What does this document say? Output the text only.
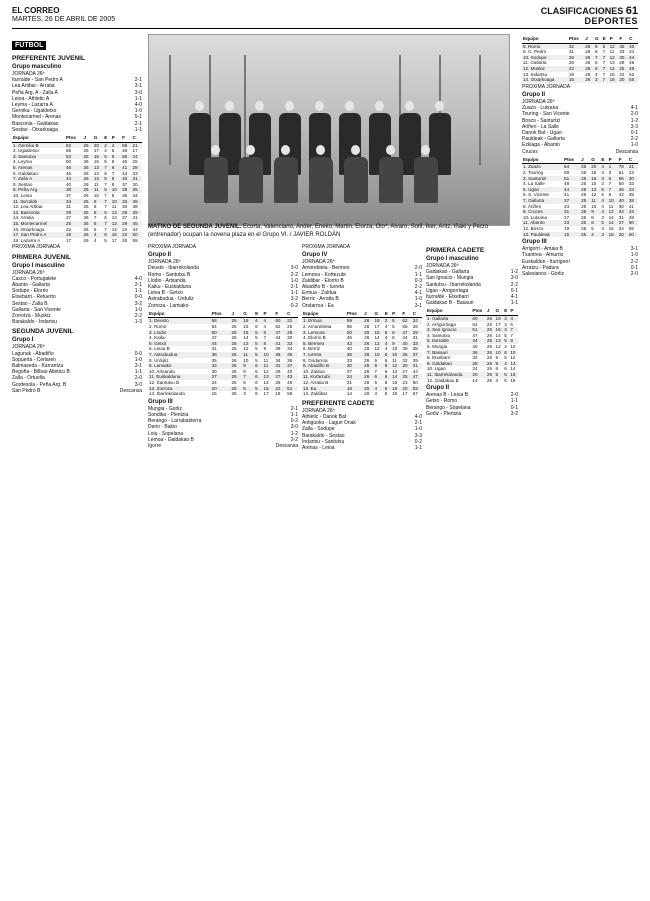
EL CORREO
MARTES, 26 DE ABRIL DE 2005
CLASIFICACIONES 61
DEPORTES
FÚTBOL
PREFERENTE JUVENIL
Grupo masculino
JORNADA 26ª
Iturralde - San Pedro A	2-1
Lea Artibai - Arratia	3-1
Peña Arg. A - Zalla A	3-0
Leioa - Athletic A	1-1
Leyma - Lazarra A	4-0
Gernika - Ugaldetxo	1-0
Montecarmel - Arenas	5-1
Basconia - Galdakao	2-1
Sestao - Otxarkoaga	1-1
Equipo	Ptos	J	G	E	P	F	C
1. Gernika B	62	26	20	2	4	69	21
2. Ugaldetxo	55	26	17	4	5	48	17
3. Santutxu	53	26	16	5	5	56	24
4. Leyma	50	26	15	5	6	46	25
5. Arenas	46	26	13	7	6	41	28
6. Galdakao	45	26	13	6	7	44	33
7. Zalla A	44	26	13	5	8	40	31
8. Sestao	40	26	11	7	8	37	30
9. Peña Arg.	38	26	11	5	10	39	35
10. Leioa	37	26	10	7	9	36	34
11. Iturralde	34	26	9	7	10	33	36
12. Lea Artibai	31	26	8	7	11	30	38
13. Basconia	29	26	8	5	13	28	39
14. Arratia	27	26	7	6	13	27	41
15. Montecarmel	25	26	6	7	13	29	45
16. Otxarkoaga	22	26	5	7	14	24	44
17. San Pedro A	18	26	4	6	16	22	50
18. Lazarra A	17	26	4	5	17	20	55
PRÓXIMA JORNADA
PRIMERA JUVENIL
Grupo I masculino
JORNADA 26ª
Casco - Portugalete	4-0
Abanto - Gallarta	2-1
Sodupe - Elorrio	1-1
Etxebarri - Retuerto	0-0
Sestao - Zalla B	3-2
Gallarta - San Vicente	1-0
Zorrotza - Muskiz	2-2
Barakaldo - Indartsu	1-3
SEGUNDA JUVENIL
Grupo I
JORNADA 26ª
Lagunak - Abadiño	0-0
Sopuerta - Cerlaren	1-0
Balmaseda - Karrantza	3-1
Begoña - Bilbao Atletico B	1-1
Zalla - Ortuella	2-0
Gordexola - Peña Arg. B	3-0
San Pedro B	Descansa
MATIKO DE SEGUNDA JUVENIL. Ecorta, Valenciano, Ander, Eneko, Martin, Elorza, Olo*, Alvaro, Sotil, Iker, Aritz, Iñaki y Pecro (entrenador) ocupan la novena plaza en el Grupo VI. / JAVIER ROLDÁN
PRÓXIMA JORNADA
Grupo II
JORNADA 26ª
Deusto - Ibarrekolanda	3-0
Romo - Santutxu B	2-2
Llodio - Artxanda	1-0
Kaiku - Euskalduna	2-1
Leioa B - Getxo	1-1
Astrabudua - Urduliz	3-2
Zorroza - Lamiako	0-2
Equipo	Ptos	J	G	E	P	F	C
1. Deusto	58	26	18	4	4	60	22
2. Romo	54	26	16	6	4	52	25
3. Llodio	50	26	15	5	6	47	28
4. Kaiku	47	26	14	5	7	44	30
5. Getxo	44	26	13	5	8	41	33
6. Leioa B	41	26	12	5	9	39	34
7. Astrabudua	38	26	11	5	10	36	36
8. Urduliz	35	26	10	5	11	34	38
9. Lamiako	33	26	9	6	11	31	37
10. Artxanda	30	26	8	6	12	29	40
11. Euskalduna	27	26	7	6	13	27	43
12. Santutxu B	24	26	6	6	14	25	46
13. Zorroza	20	26	5	5	16	22	51
14. Ibarrekolanda	15	26	3	6	17	18	55
Grupo III
Mungia - Gorliz	2-1
Sondika - Plentzia	1-1
Berango - Larrabasterra	0-2
Derio - Bakio	3-0
Loiu - Sopelana	1-2
Lemoa - Galdakao B	2-2
Igorre	Descansa
PRÓXIMA JORNADA
Grupo IV
JORNADA 26ª
Amorebieta - Bermeo	2-0
Lemona - Kortezubi	1-1
Zaldibar - Elorrio B	0-3
Abadiño B - Iurreta	2-2
Ermua - Zaldua	4-1
Berriz - Arratia B	1-0
Ondarroa - Ea	3-1
Equipo	Ptos	J	G	E	P	F	C
1. Ermua	59	26	19	2	5	62	24
2. Amorebieta	55	26	17	4	5	55	26
3. Lemona	50	26	15	5	6	47	29
4. Elorrio B	46	26	14	4	8	44	31
5. Bermeo	43	26	13	4	9	40	33
6. Berriz	40	26	12	4	10	38	35
7. Iurreta	36	26	10	6	10	35	37
8. Ondarroa	33	26	9	6	11	32	39
9. Abadiño B	30	26	8	6	12	30	41
10. Zaldua	27	26	7	6	13	27	44
11. Kortezubi	24	26	6	6	14	25	47
12. Arratia B	21	26	5	6	15	23	50
13. Ea	18	26	4	6	16	20	53
14. Zaldibar	14	26	3	5	18	17	57
PREFERENTE CADETE
JORNADA 26ª
Athletic - Danok Bat	4-0
Antiguoko - Lagun Onak	2-1
Zalla - Sodupe	1-0
Barakaldo - Sestao	3-3
Indartsu - Santutxu	0-2
Arenas - Leioa	1-1
PRIMERA CADETE
Grupo I masculino
JORNADA 26ª
Galdakao - Gallarta	1-2
San Ignacio - Mungia	3-0
Santutxu - Ibarrekolanda	2-2
Ugao - Arrigorriaga	0-1
Iturralde - Etxebarri	4-1
Galdakao B - Basauri	1-1
Equipo	Ptos	J	G	E	P
1. Gallarta	60	26	19	3	4
2. Arrigorriaga	54	26	17	3	6
3. San Ignacio	51	26	16	3	7
4. Santutxu	47	26	14	5	7
5. Iturralde	44	26	13	5	8
6. Mungia	40	26	12	4	10
7. Basauri	36	26	10	6	10
8. Etxebarri	32	26	9	5	12
9. Galdakao	28	26	8	4	14
10. Ugao	24	26	6	6	14
11. Ibarrekolanda	20	26	5	5	16
12. Galdakao B	14	26	3	5	18
Grupo II
Arenas B - Leioa B	2-0
Getxo - Romo	1-1
Berango - Sopelana	0-1
Gorliz - Plentzia	3-2
Equipo	Ptos	J	G	E	P	F	C
8. Romo	32	26	9	5	12	35	40
9. C. Pedro	31	26	8	7	11	33	41
10. Sodupe	28	26	7	7	12	30	44
11. Gallarta	25	26	6	7	13	28	46
12. Muskiz	22	26	5	7	14	25	49
13. Indartsu	19	26	4	7	15	22	52
14. Otxarkoaga	16	26	3	7	16	20	55
PRÓXIMA JORNADA
Grupo II
JORNADA 26ª
Zuazo - Lutxana	4-1
Touring - San Vicente	2-0
Bosco - Santurtzi	1-2
Ariñeri - La Salle	3-3
Danok Bat - Ugao	0-1
Pauldeak - Gallarta	2-2
Ezkiaga - Abanto	1-0
Cruces	Descansa
Equipo	Ptos	J	G	E	P	F	C
1. Zuazo	64	25	20	4	1	78	21
2. Touring	58	25	18	4	3	61	23
3. Santurtzi	51	25	16	3	6	55	30
4. La Salle	48	25	15	3	7	50	32
5. Ugao	44	25	13	5	7	45	33
6. S. Vicente	41	25	12	5	8	42	35
7. Gallarta	37	25	11	4	10	40	38
8. Ariñeri	34	25	10	4	11	36	41
9. Cruces	31	25	9	4	12	34	43
10. Lutxana	27	25	8	3	14	31	48
11. Abanto	23	25	6	5	14	27	50
12. Bosco	19	25	5	4	16	24	55
13. Pauldeak	15	25	4	3	18	20	60
Grupo III
Arrigorri - Amaia B	3-1
Txantrea - Amurrio	1-0
Euskaldun - Iturrigorri	2-2
Arratzu - Padura	0-1
Salesianos - Gorliz	2-0
